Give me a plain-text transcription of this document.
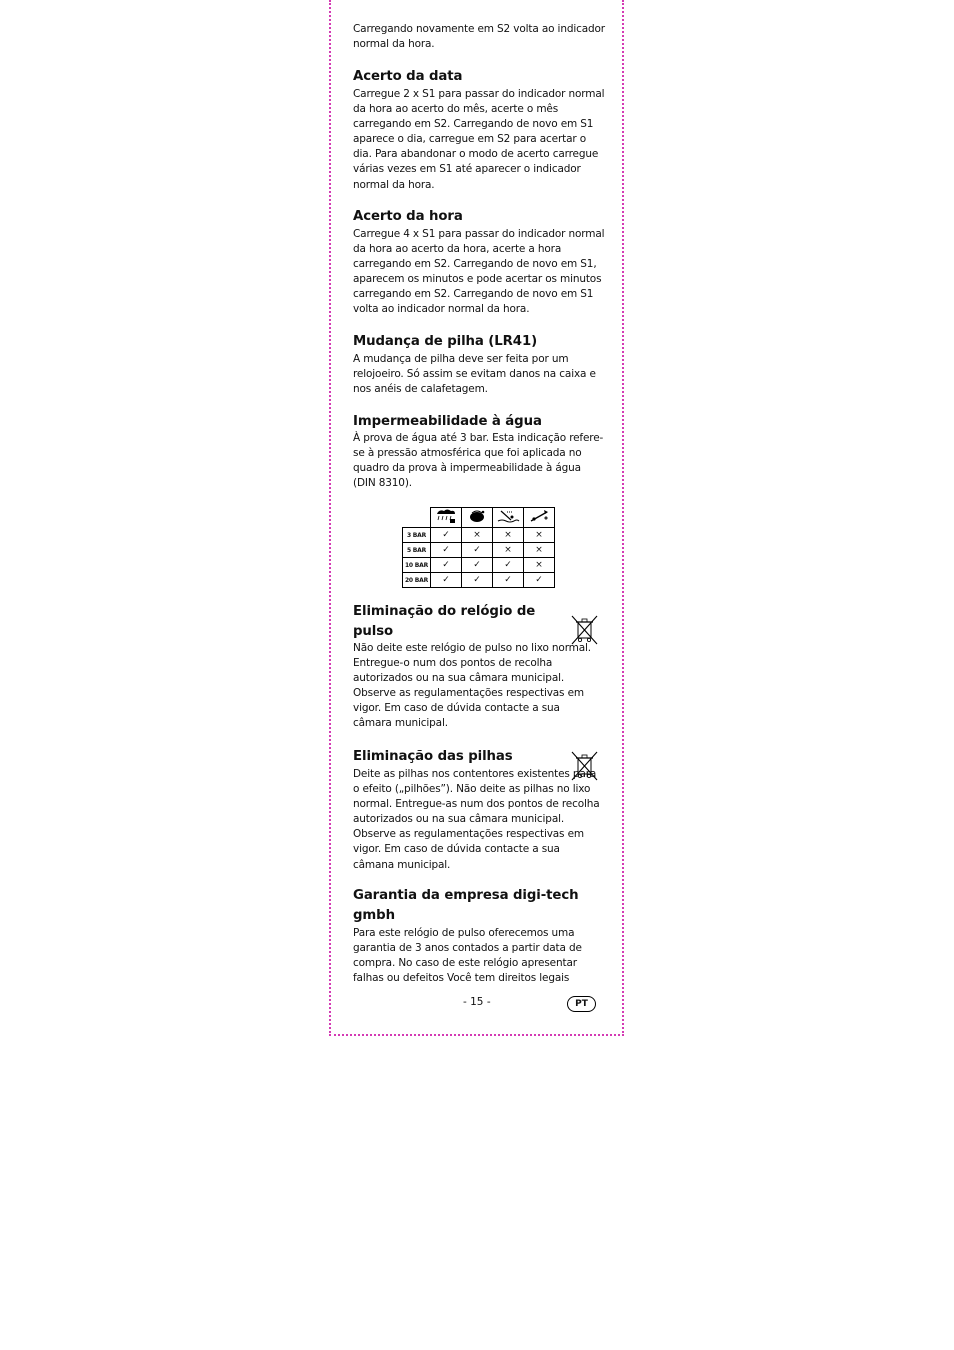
Carregando novamente em S2 volta ao indicador normal da hora.
Acerto da data
Carregue 2 x S1 para passar do indicador normal da hora ao acerto do mês, acerte o mês carregando em S2. Carregando de novo em S1 aparece o dia, carregue em S2 para acertar o dia. Para abandonar o modo de acerto carregue várias vezes em S1 até aparecer o indicador normal da hora.
Acerto da hora
Carregue 4 x S1 para passar do indicador normal da hora ao acerto da hora, acerte a hora carregando em S2. Carregando de novo em S1, aparecem os minutos e pode acertar os minutos carregando em S2. Carregando de novo em S1 volta ao indicador normal da hora.
Mudança de pilha (LR41)
A mudança de pilha deve ser feita por um relojoeiro. Só assim se evitam danos na caixa e nos anéis de calafetagem.
Impermeabilidade à água
À prova de água até 3 bar. Esta indicação refere-se à pressão atmosférica que foi aplicada no quadro da prova à impermeabilidade à água (DIN 8310).

3 BAR	✓	×	×	×
5 BAR	✓	✓	×	×
10 BAR	✓	✓	✓	×
20 BAR	✓	✓	✓	✓
Eliminação do relógio de pulso
Não deite este relógio de pulso no lixo normal. Entregue-o num dos pontos de recolha autorizados ou na sua câmara municipal. Observe as regulamentações respectivas em vigor. Em caso de dúvida contacte a sua câmara municipal.
Eliminação das pilhas
Deite as pilhas nos contentores existentes para o efeito („pilhões”). Não deite as pilhas no lixo normal. Entregue-as num dos pontos de recolha autorizados ou na sua câmara municipal. Observe as regulamentações respectivas em vigor. Em caso de dúvida contacte a sua câmana municipal.
Garantia da empresa digi-tech gmbh
Para este relógio de pulso oferecemos uma garantia de 3 anos contados a partir data de compra. No caso de este relógio apresentar falhas ou defeitos Você tem direitos legais
- 15 -	PT
